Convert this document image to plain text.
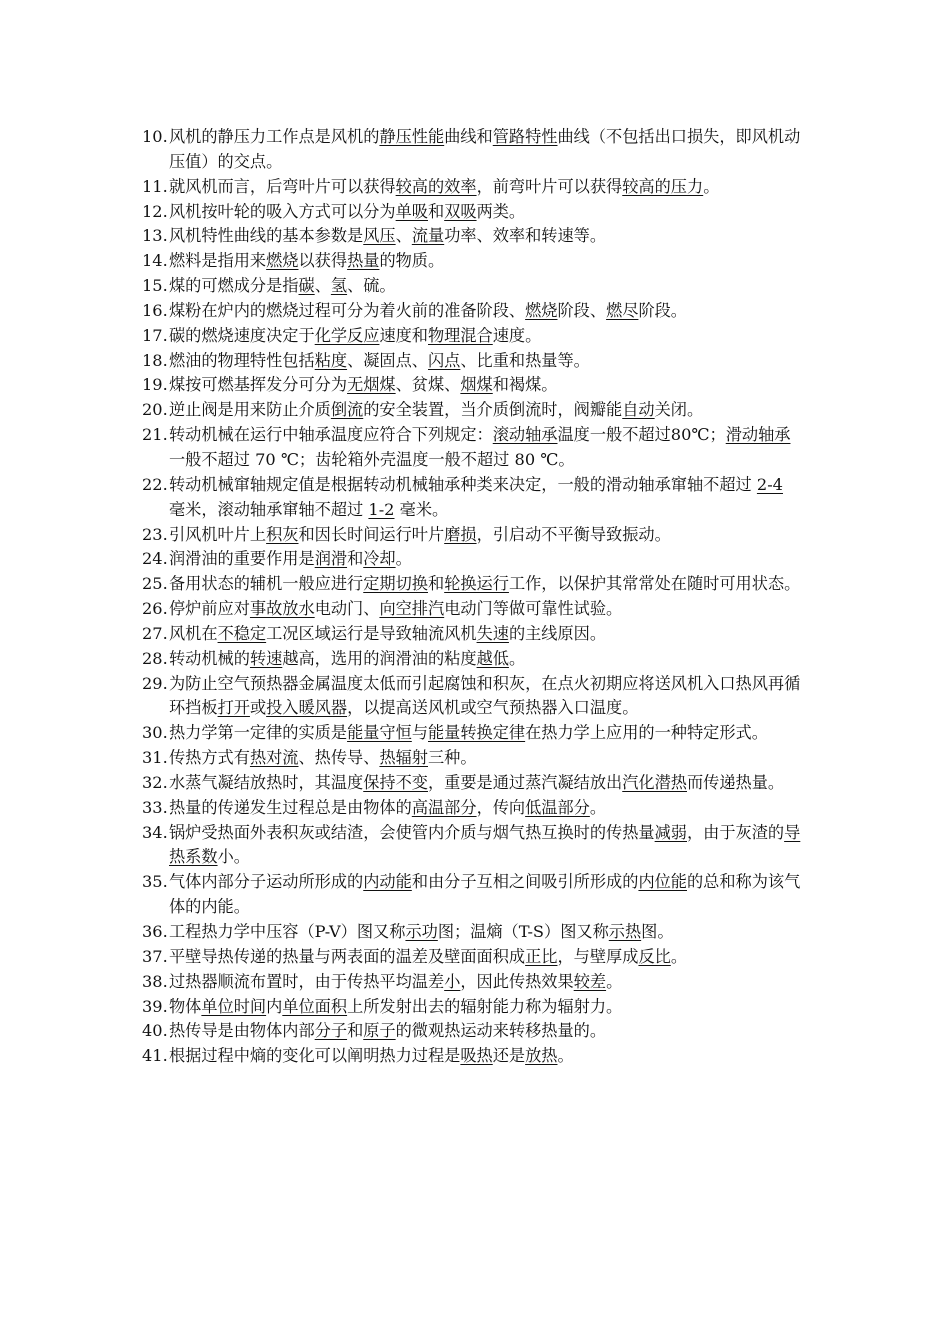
10. 风机的静压力工作点是风机的静压性能曲线和管路特性曲线（不包括出口损失，即风机动压值）的交点。
11. 就风机而言，后弯叶片可以获得较高的效率，前弯叶片可以获得较高的压力。
12. 风机按叶轮的吸入方式可以分为单吸和双吸两类。
13. 风机特性曲线的基本参数是风压、流量功率、效率和转速等。
14. 燃料是指用来燃烧以获得热量的物质。
15. 煤的可燃成分是指碳、氢、硫。
16. 煤粉在炉内的燃烧过程可分为着火前的准备阶段、燃烧阶段、燃尽阶段。
17. 碳的燃烧速度决定于化学反应速度和物理混合速度。
18. 燃油的物理特性包括粘度、凝固点、闪点、比重和热量等。
19. 煤按可燃基挥发分可分为无烟煤、贫煤、烟煤和褐煤。
20. 逆止阀是用来防止介质倒流的安全装置，当介质倒流时，阀瓣能自动关闭。
21. 转动机械在运行中轴承温度应符合下列规定：滚动轴承温度一般不超过80℃；滑动轴承一般不超过 70 ℃；齿轮箱外壳温度一般不超过 80 ℃。
22. 转动机械窜轴规定值是根据转动机械轴承种类来决定，一般的滑动轴承窜轴不超过 2-4 毫米，滚动轴承窜轴不超过 1-2 毫米。
23. 引风机叶片上积灰和因长时间运行叶片磨损，引启动不平衡导致振动。
24. 润滑油的重要作用是润滑和冷却。
25. 备用状态的辅机一般应进行定期切换和轮换运行工作，以保护其常常处在随时可用状态。
26. 停炉前应对事故放水电动门、向空排汽电动门等做可靠性试验。
27. 风机在不稳定工况区域运行是导致轴流风机失速的主线原因。
28. 转动机械的转速越高，选用的润滑油的粘度越低。
29. 为防止空气预热器金属温度太低而引起腐蚀和积灰，在点火初期应将送风机入口热风再循环挡板打开或投入暖风器，以提高送风机或空气预热器入口温度。
30. 热力学第一定律的实质是能量守恒与能量转换定律在热力学上应用的一种特定形式。
31. 传热方式有热对流、热传导、热辐射三种。
32. 水蒸气凝结放热时，其温度保持不变，重要是通过蒸汽凝结放出汽化潜热而传递热量。
33. 热量的传递发生过程总是由物体的高温部分，传向低温部分。
34. 锅炉受热面外表积灰或结渣，会使管内介质与烟气热互换时的传热量减弱，由于灰渣的导热系数小。
35. 气体内部分子运动所形成的内动能和由分子互相之间吸引所形成的内位能的总和称为该气体的内能。
36. 工程热力学中压容（P-V）图又称示功图；温熵（T-S）图又称示热图。
37. 平壁导热传递的热量与两表面的温差及壁面面积成正比，与壁厚成反比。
38. 过热器顺流布置时，由于传热平均温差小，因此传热效果较差。
39. 物体单位时间内单位面积上所发射出去的辐射能力称为辐射力。
40. 热传导是由物体内部分子和原子的微观热运动来转移热量的。
41. 根据过程中熵的变化可以阐明热力过程是吸热还是放热。
